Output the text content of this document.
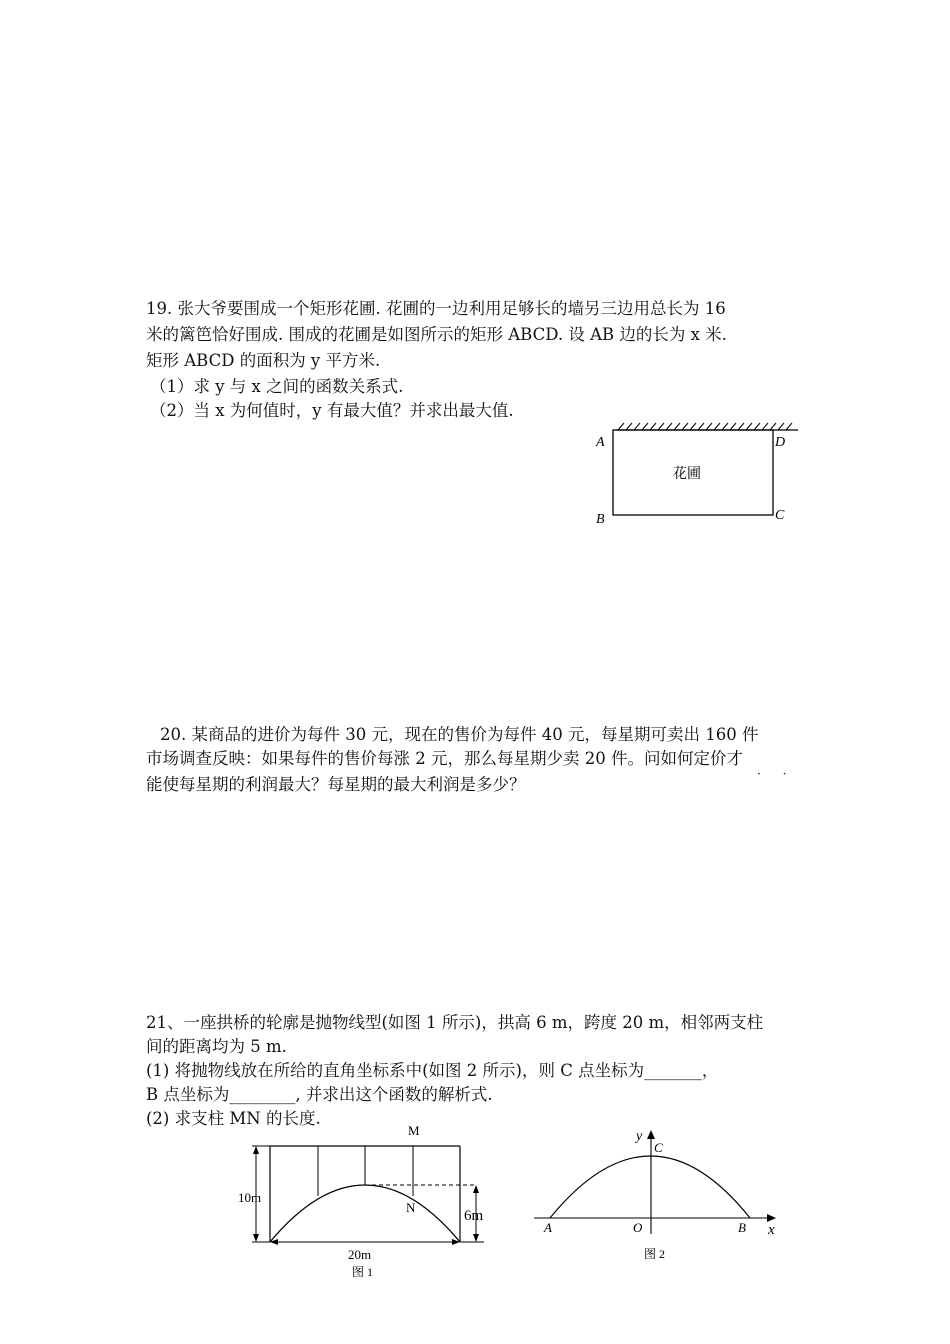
19. 张大爷要围成一个矩形花圃. 花圃的一边利用足够长的墙另三边用总长为 16
米的篱笆恰好围成. 围成的花圃是如图所示的矩形 ABCD. 设 AB 边的长为 x 米.
矩形 ABCD 的面积为 y 平方米.
（1）求 y 与 x 之间的函数关系式.
（2）当 x 为何值时，y 有最大值？并求出最大值.
A	D
B	C
花圃
20. 某商品的进价为每件 30 元，现在的售价为每件 40 元，每星期可卖出 160 件
市场调查反映：如果每件的售价每涨 2 元，那么每星期少卖 20 件。问如何定价才
· ·
能使每星期的利润最大？每星期的最大利润是多少？
21、一座拱桥的轮廓是抛物线型(如图 1 所示)，拱高 6 m，跨度 20 m，相邻两支柱
间的距离均为 5 m.
(1) 将抛物线放在所给的直角坐标系中(如图 2 所示)，则 C 点坐标为_______，
B 点坐标为________, 并求出这个函数的解析式.
(2) 求支柱 MN 的长度.
M
N
10m
6m
20m
图 1
y
C
A	O	B x
图 2
